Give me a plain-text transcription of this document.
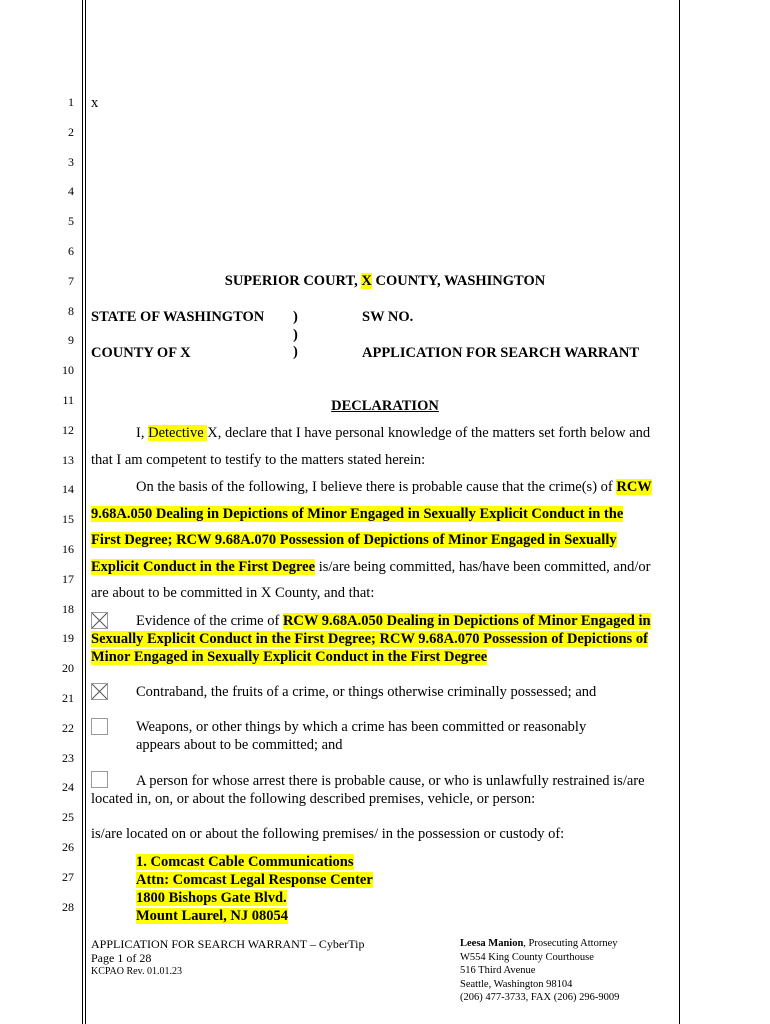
1
2
3
4
5
6
7
8
9
10
11
12
13
14
15
16
17
18
19
20
21
22
23
24
25
26
27
28
x
SUPERIOR COURT, X COUNTY, WASHINGTON
STATE OF WASHINGTON
COUNTY OF X
)
)
)
SW NO.
APPLICATION FOR SEARCH WARRANT
DECLARATION
I, Detective X, declare that I have personal knowledge of the matters set forth below and
that I am competent to testify to the matters stated herein:
On the basis of the following, I believe there is probable cause that the crime(s) of RCW
9.68A.050 Dealing in Depictions of Minor Engaged in Sexually Explicit Conduct in the
First Degree; RCW 9.68A.070 Possession of Depictions of Minor Engaged in Sexually
Explicit Conduct in the First Degree is/are being committed, has/have been committed, and/or
are about to be committed in X County, and that:
Evidence of the crime of RCW 9.68A.050 Dealing in Depictions of Minor Engaged in
Sexually Explicit Conduct in the First Degree; RCW 9.68A.070 Possession of Depictions of
Minor Engaged in Sexually Explicit Conduct in the First Degree
Contraband, the fruits of a crime, or things otherwise criminally possessed; and
Weapons, or other things by which a crime has been committed or reasonably
appears about to be committed; and
A person for whose arrest there is probable cause, or who is unlawfully restrained is/are
located in, on, or about the following described premises, vehicle, or person:
is/are located on or about the following premises/ in the possession or custody of:
1. Comcast Cable Communications
Attn: Comcast Legal Response Center
1800 Bishops Gate Blvd.
Mount Laurel, NJ 08054
APPLICATION FOR SEARCH WARRANT – CyberTip
Page 1 of 28
KCPAO Rev. 01.01.23
Leesa Manion, Prosecuting Attorney
W554 King County Courthouse
516 Third Avenue
Seattle, Washington 98104
(206) 477-3733, FAX (206) 296-9009
